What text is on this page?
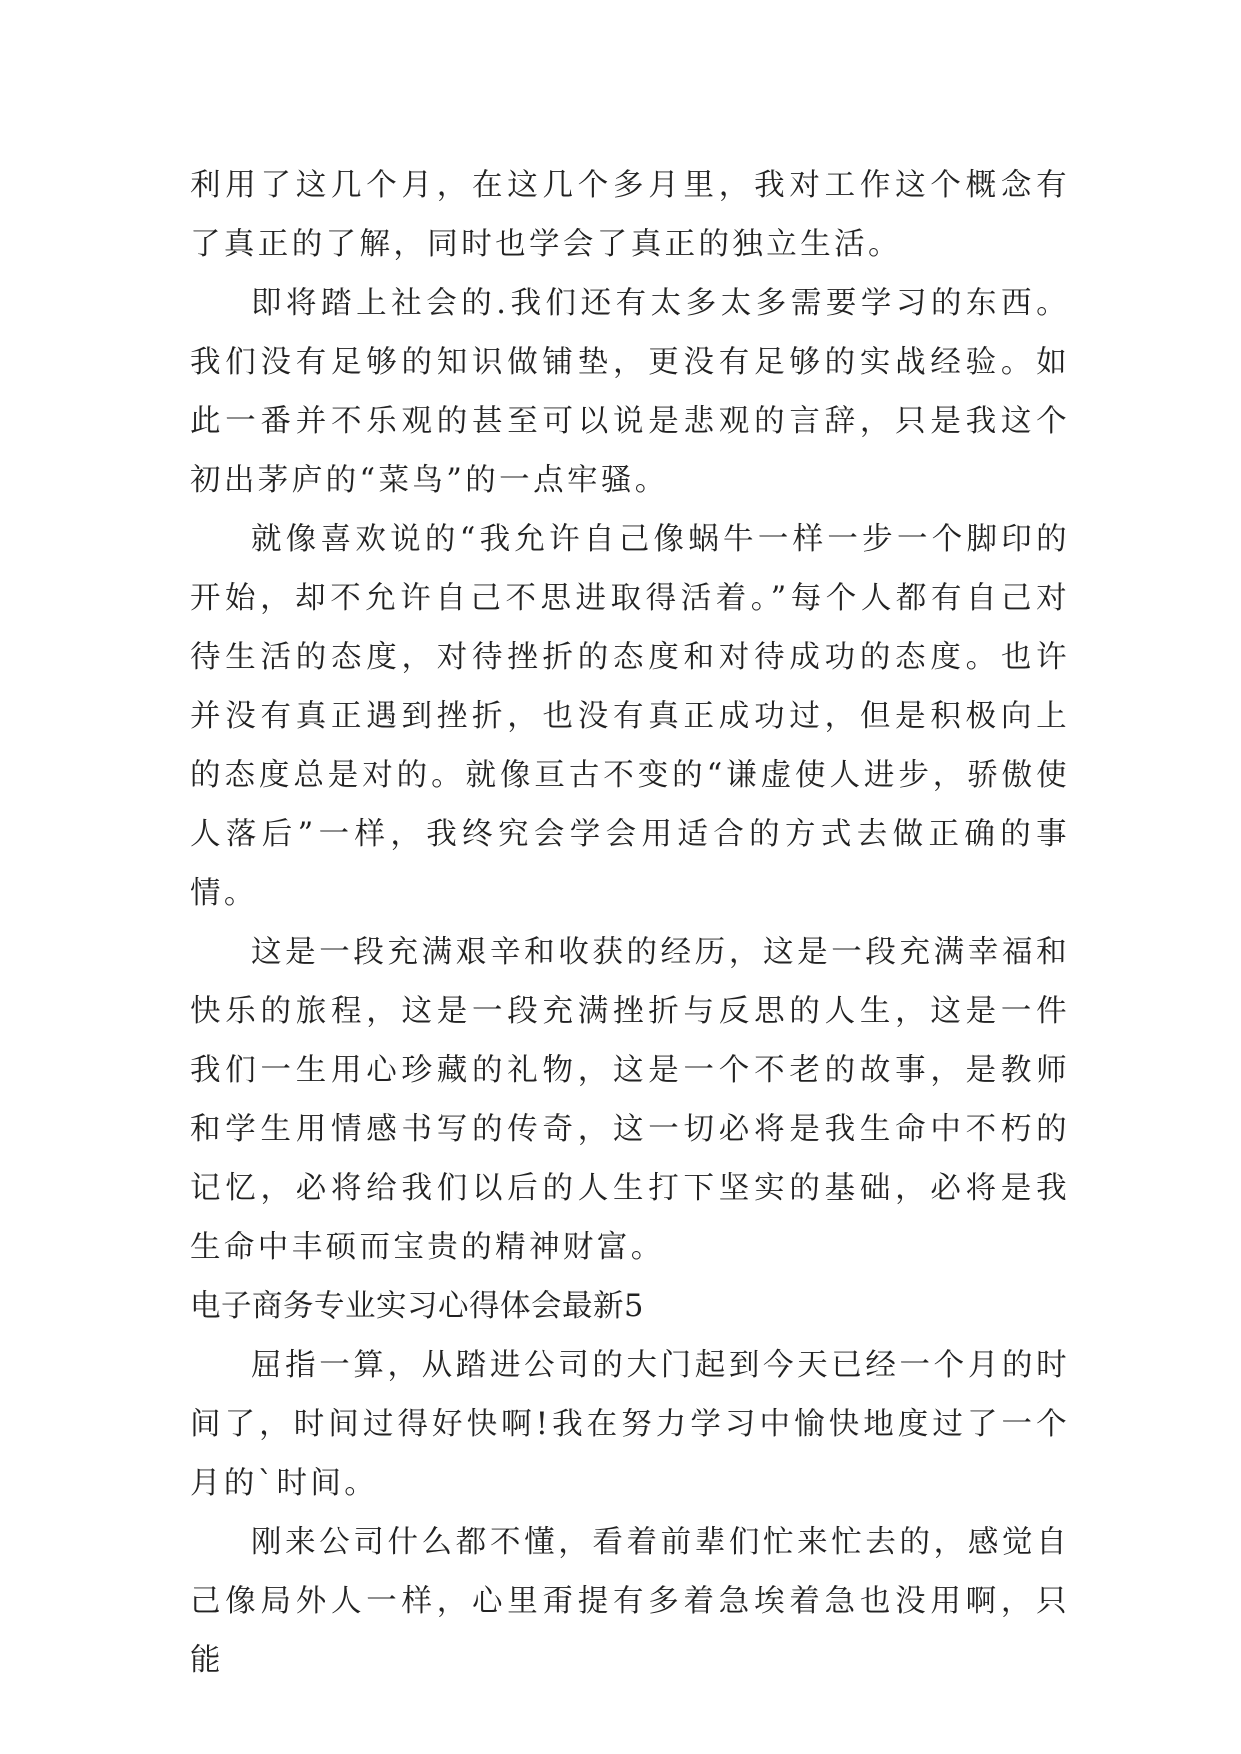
利用了这几个月，在这几个多月里，我对工作这个概念有了真正的了解，同时也学会了真正的独立生活。

即将踏上社会的.我们还有太多太多需要学习的东西。我们没有足够的知识做铺垫，更没有足够的实战经验。如此一番并不乐观的甚至可以说是悲观的言辞，只是我这个初出茅庐的“菜鸟”的一点牢骚。

就像喜欢说的“我允许自己像蜗牛一样一步一个脚印的开始，却不允许自己不思进取得活着。”每个人都有自己对待生活的态度，对待挫折的态度和对待成功的态度。也许并没有真正遇到挫折，也没有真正成功过，但是积极向上的态度总是对的。就像亘古不变的“谦虚使人进步，骄傲使人落后”一样，我终究会学会用适合的方式去做正确的事情。

这是一段充满艰辛和收获的经历，这是一段充满幸福和快乐的旅程，这是一段充满挫折与反思的人生，这是一件我们一生用心珍藏的礼物，这是一个不老的故事，是教师和学生用情感书写的传奇，这一切必将是我生命中不朽的记忆，必将给我们以后的人生打下坚实的基础，必将是我生命中丰硕而宝贵的精神财富。

电子商务专业实习心得体会最新5

屈指一算，从踏进公司的大门起到今天已经一个月的时间了，时间过得好快啊!我在努力学习中愉快地度过了一个月的`时间。

刚来公司什么都不懂，看着前辈们忙来忙去的，感觉自己像局外人一样，心里甭提有多着急埃着急也没用啊，只能
